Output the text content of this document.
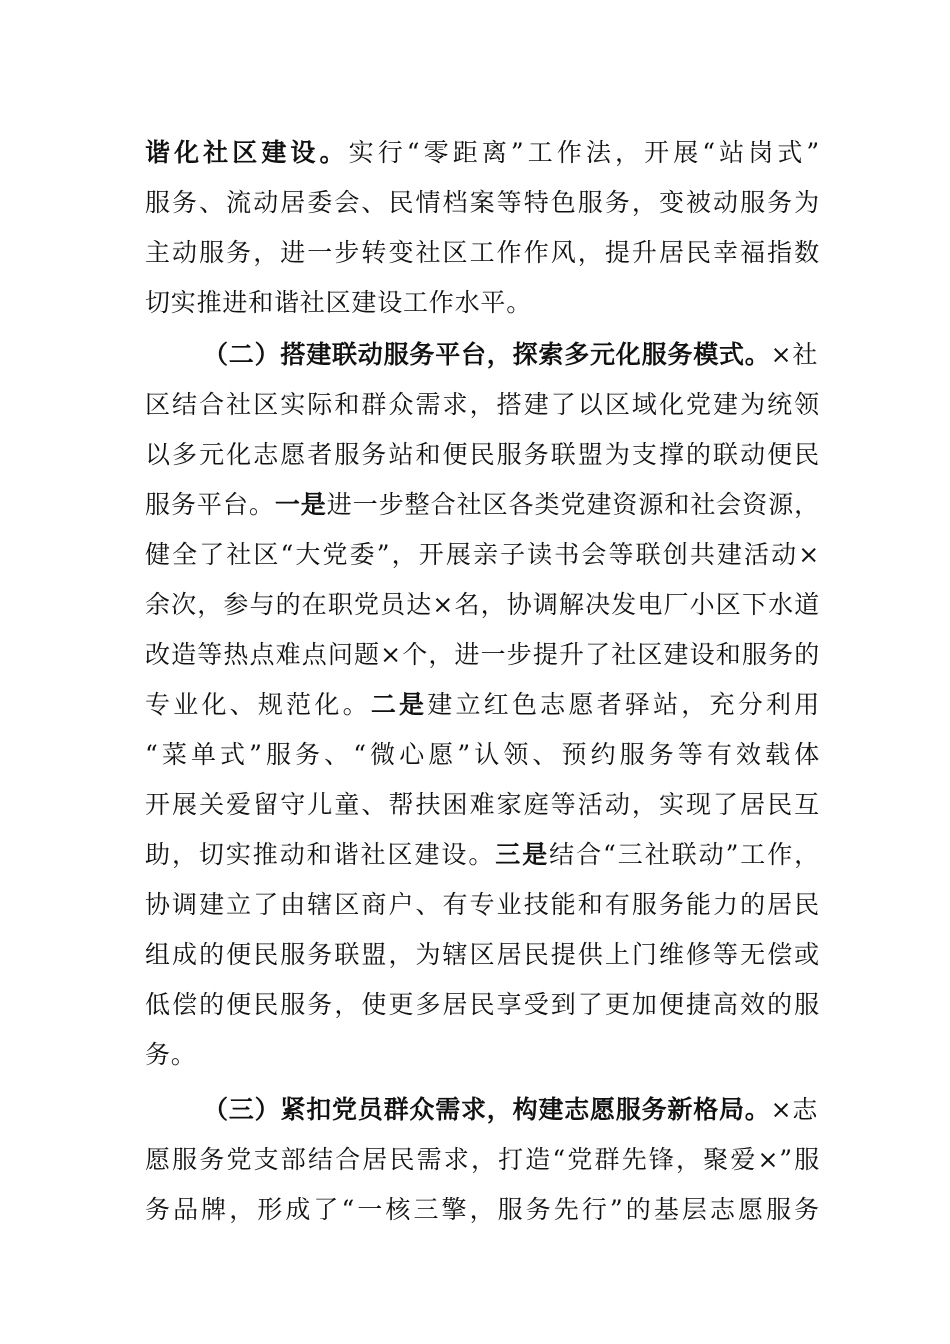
谐化社区建设。实行“零距离”工作法，开展“站岗式”
服务、流动居委会、民情档案等特色服务，变被动服务为
主动服务，进一步转变社区工作作风，提升居民幸福指数
切实推进和谐社区建设工作水平。
（二）搭建联动服务平台，探索多元化服务模式。×社
区结合社区实际和群众需求，搭建了以区域化党建为统领
以多元化志愿者服务站和便民服务联盟为支撑的联动便民
服务平台。一是进一步整合社区各类党建资源和社会资源，
健全了社区“大党委”，开展亲子读书会等联创共建活动×
余次，参与的在职党员达×名，协调解决发电厂小区下水道
改造等热点难点问题×个，进一步提升了社区建设和服务的
专业化、规范化。二是建立红色志愿者驿站，充分利用
“菜单式”服务、“微心愿”认领、预约服务等有效载体
开展关爱留守儿童、帮扶困难家庭等活动，实现了居民互
助，切实推动和谐社区建设。三是结合“三社联动”工作，
协调建立了由辖区商户、有专业技能和有服务能力的居民
组成的便民服务联盟，为辖区居民提供上门维修等无偿或
低偿的便民服务，使更多居民享受到了更加便捷高效的服
务。
（三）紧扣党员群众需求，构建志愿服务新格局。×志
愿服务党支部结合居民需求，打造“党群先锋，聚爱×”服
务品牌，形成了“一核三擎，服务先行”的基层志愿服务
